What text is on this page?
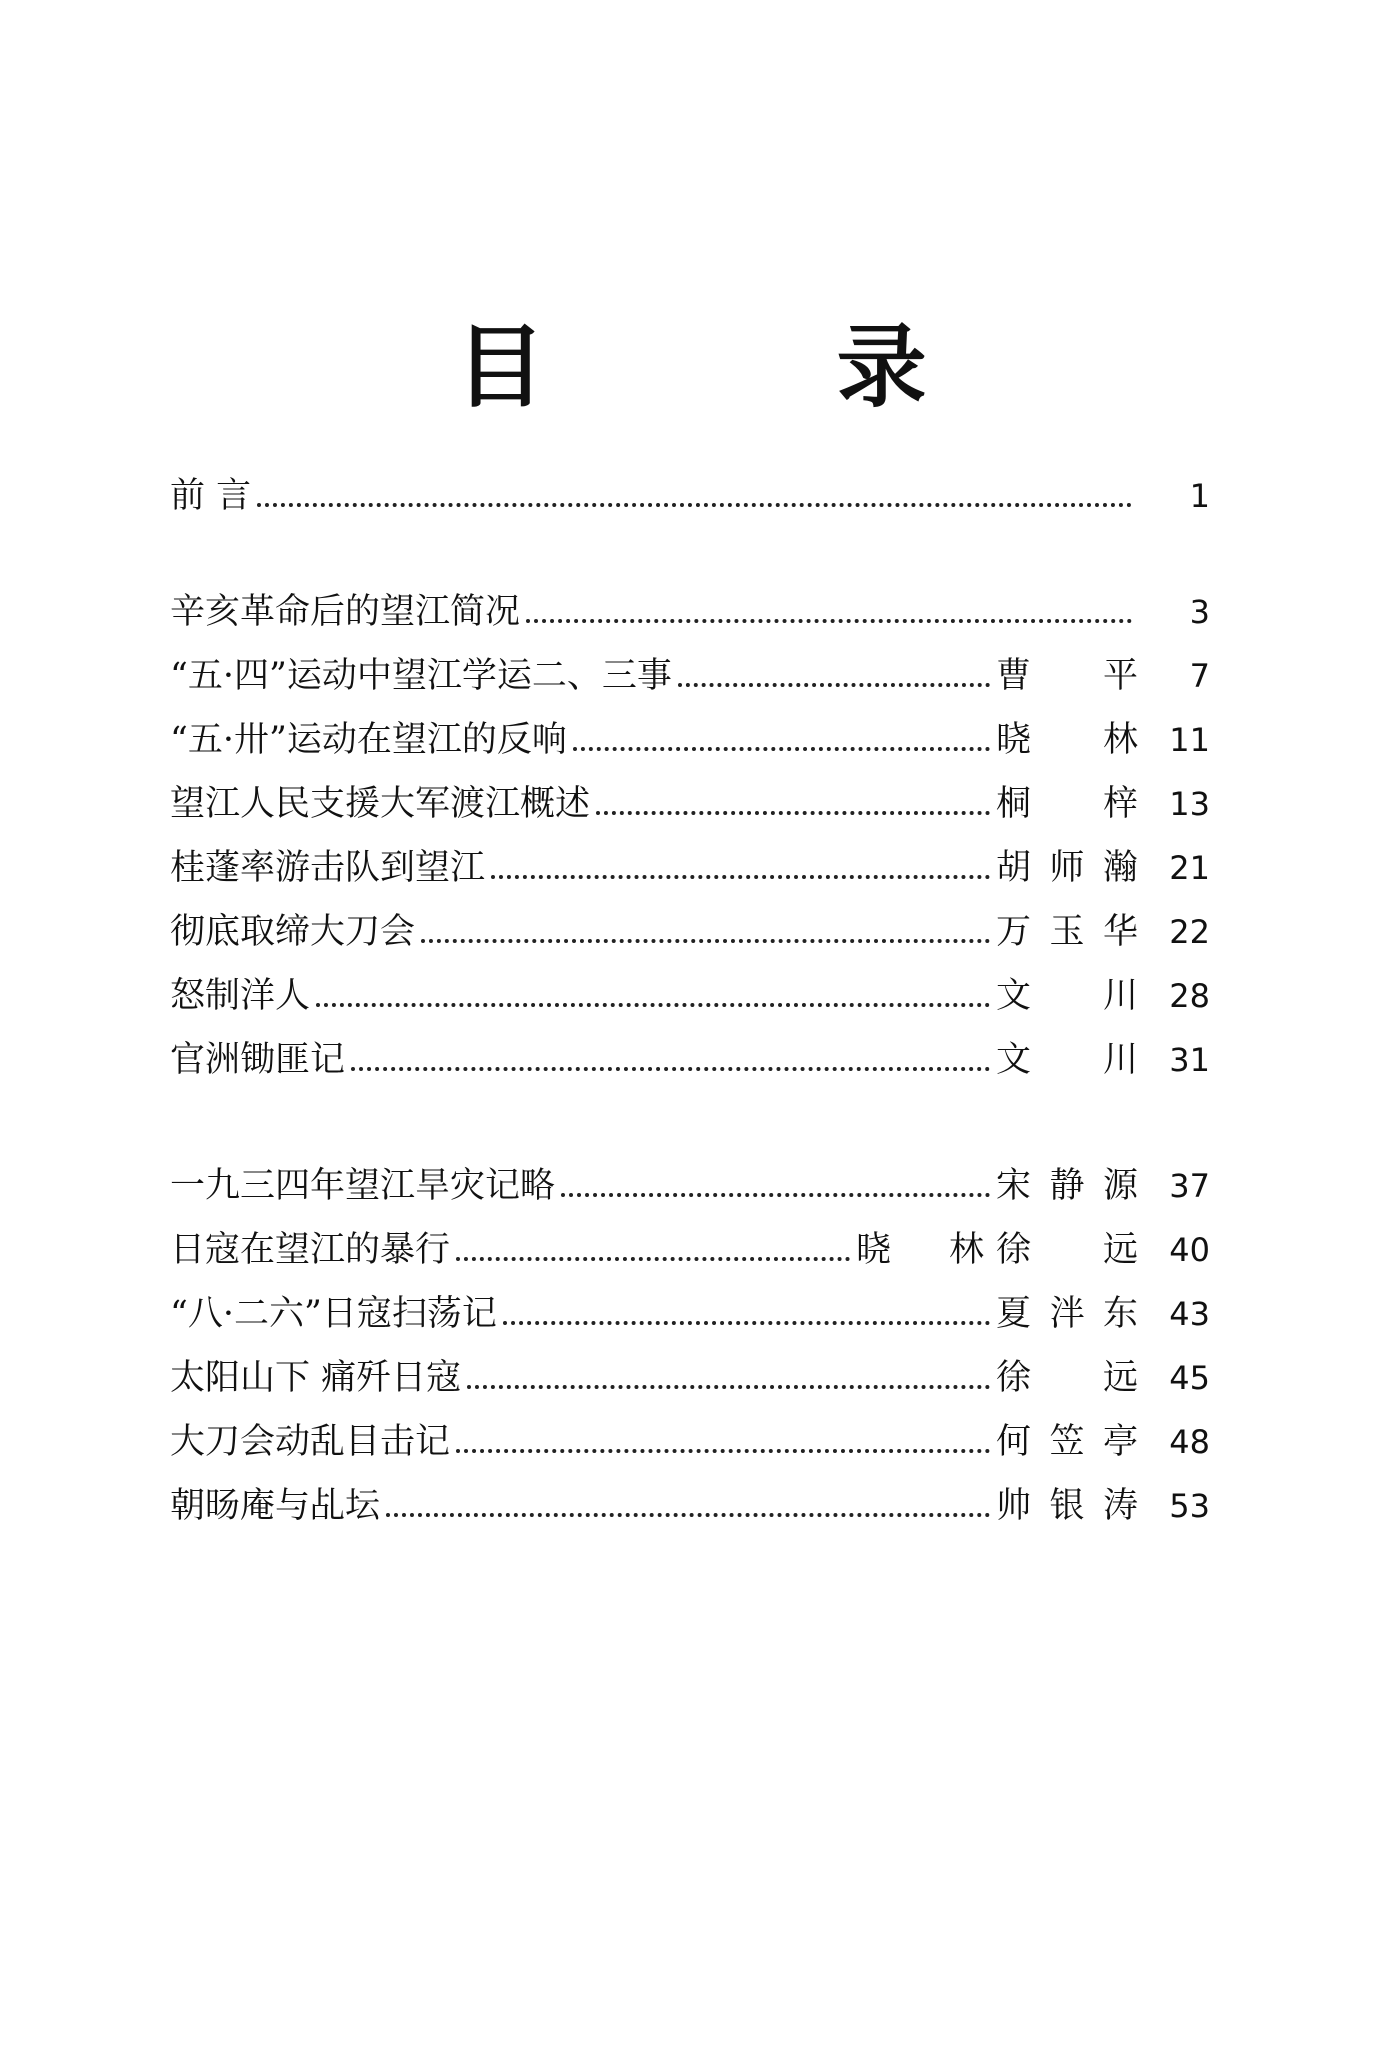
目 录
前 言	1
辛亥革命后的望江简况	3
“五·四”运动中望江学运二、三事	曹 平	7
“五·卅”运动在望江的反响	晓 林 11
望江人民支援大军渡江概述	桐 梓 13
桂蓬率游击队到望江	胡师瀚 21
彻底取缔大刀会	万玉华 22
怒制洋人	文 川 28
官洲锄匪记	文 川 31
一九三四年望江旱灾记略	宋静源 37
日寇在望江的暴行	晓 林 徐 远 40
“八·二六”日寇扫荡记	夏泮东 43
太阳山下 痛歼日寇	徐 远 45
大刀会动乱目击记	何笠亭 48
朝旸庵与乩坛	帅银涛 53
